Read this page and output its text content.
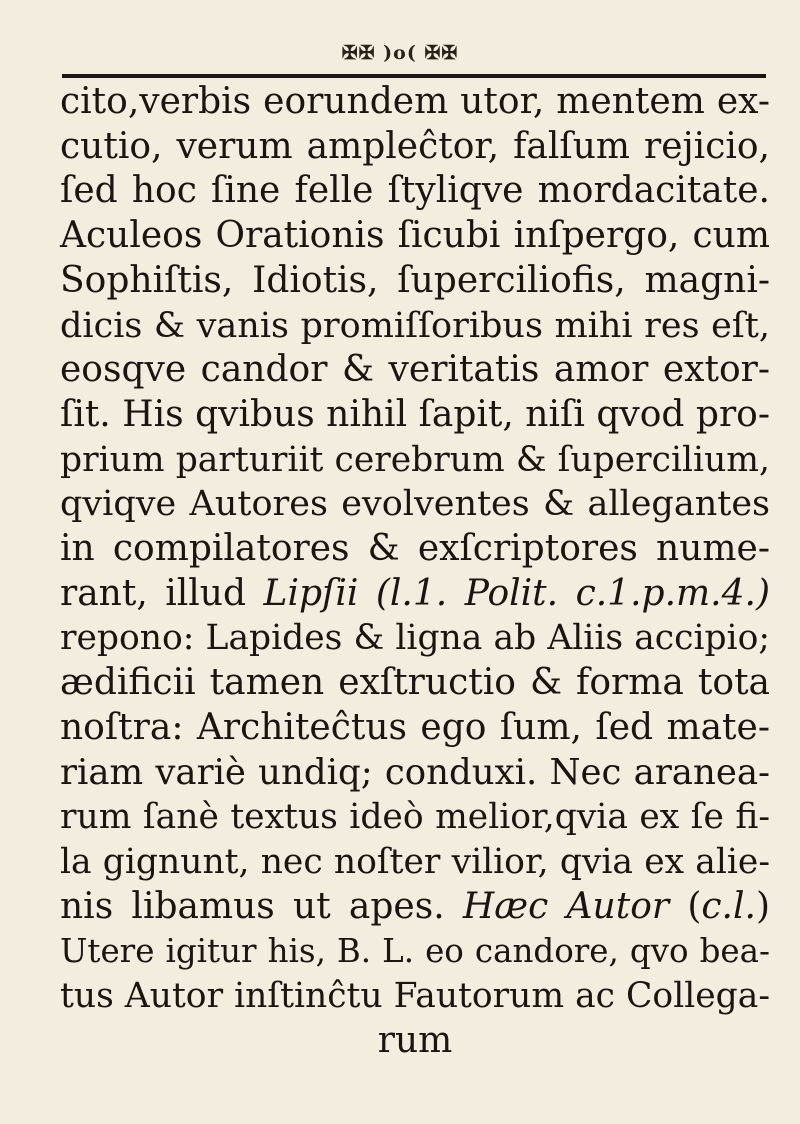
✠✠ )o( ✠✠
cito,verbis eorundem utor, mentem ex-
cutio, verum ampleĉtor, falſum rejicio,
ſed hoc ſine felle ſtyliqve mordacitate.
Aculeos Orationis ſicubi inſpergo, cum
Sophiſtis, Idiotis, ſuperciliofis, magni-
dicis & vanis promiſſoribus mihi res eſt,
eosqve candor & veritatis amor extor-
ſit. His qvibus nihil ſapit, niſi qvod pro-
prium parturiit cerebrum & ſupercilium,
qviqve Autores evolventes & allegantes
in compilatores & exſcriptores nume-
rant, illud Lipſii (l.1. Polit. c.1.p.m.4.)
repono: Lapides & ligna ab Aliis accipio;
ædificii tamen exſtructio & forma tota
noſtra: Architeĉtus ego ſum, ſed mate-
riam variè undiq; conduxi. Nec aranea-
rum ſanè textus ideò melior,qvia ex ſe fi-
la gignunt, nec noſter vilior, qvia ex alie-
nis libamus ut apes. Hæc Autor (c.l.)
Utere igitur his, B. L. eo candore, qvo bea-
tus Autor inſtinĉtu Fautorum ac Collega-
rum
